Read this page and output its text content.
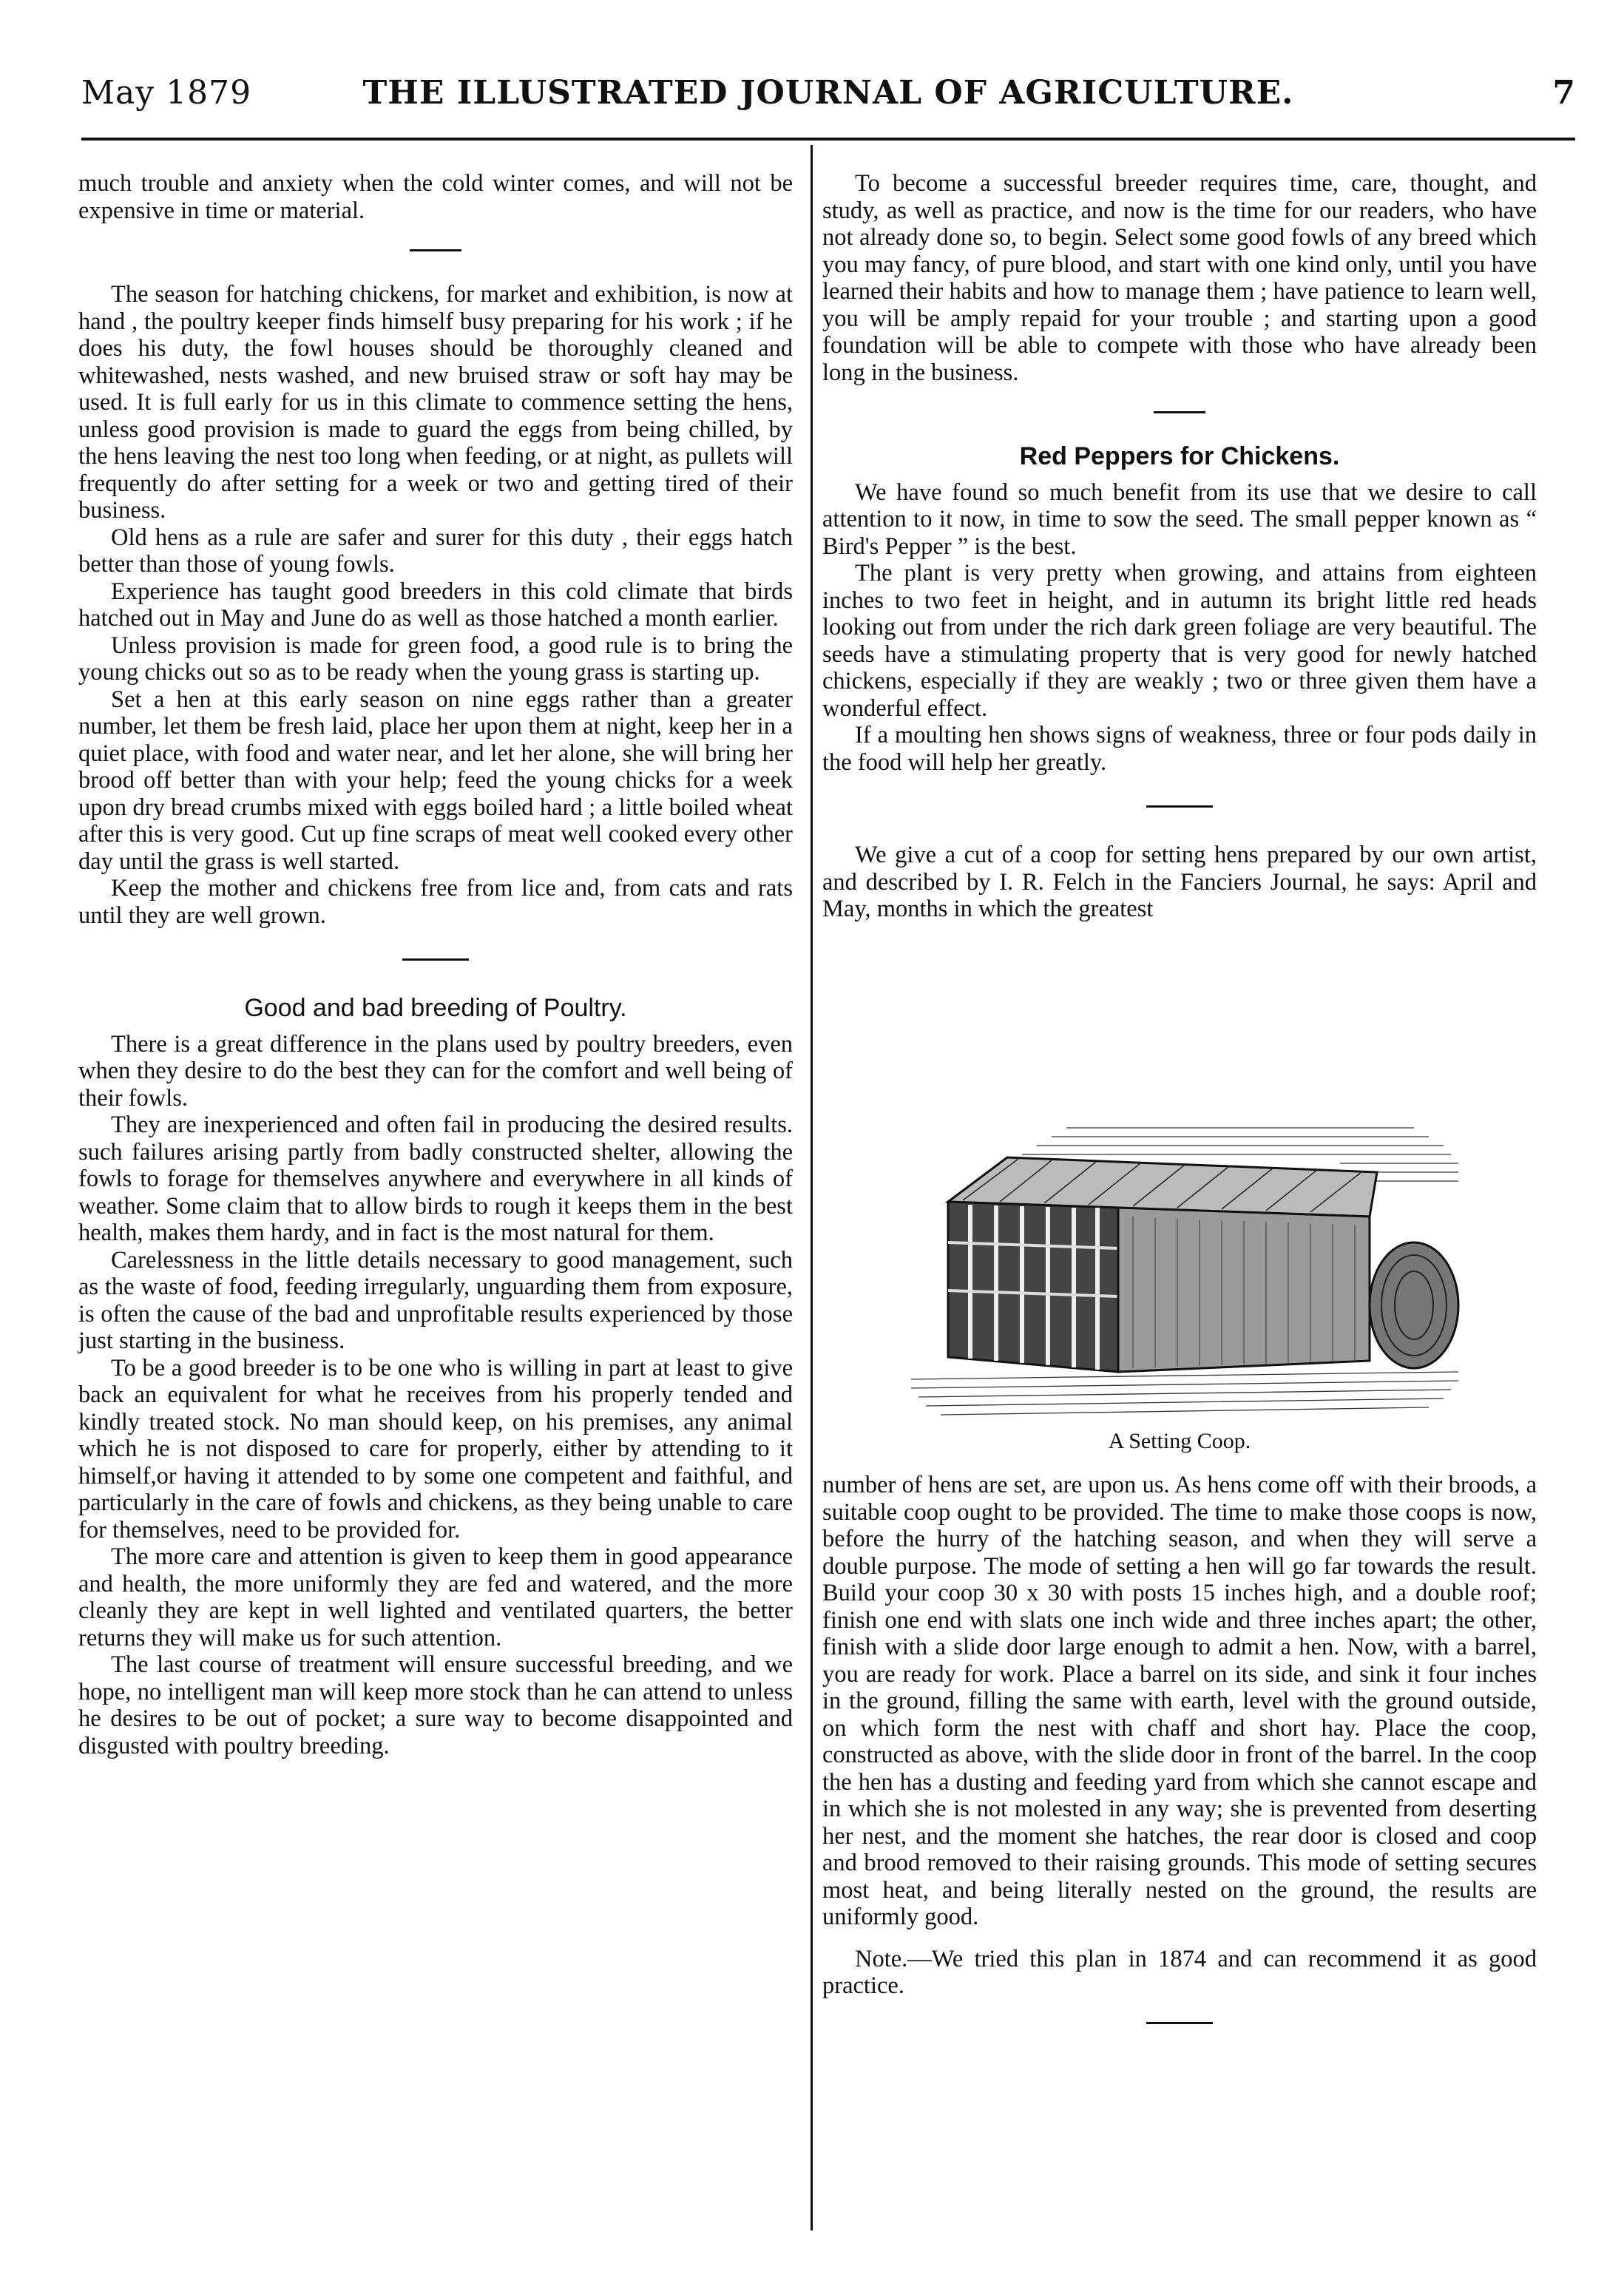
May 1879	THE ILLUSTRATED JOURNAL OF AGRICULTURE.	7

much trouble and anxiety when the cold winter comes, and will not be expensive in time or material.

The season for hatching chickens, for market and exhibition, is now at hand , the poultry keeper finds himself busy preparing for his work ; if he does his duty, the fowl houses should be thoroughly cleaned and whitewashed, nests washed, and new bruised straw or soft hay may be used. It is full early for us in this climate to commence setting the hens, unless good provision is made to guard the eggs from being chilled, by the hens leaving the nest too long when feeding, or at night, as pullets will frequently do after setting for a week or two and getting tired of their business.

Old hens as a rule are safer and surer for this duty , their eggs hatch better than those of young fowls.

Experience has taught good breeders in this cold climate that birds hatched out in May and June do as well as those hatched a month earlier.

Unless provision is made for green food, a good rule is to bring the young chicks out so as to be ready when the young grass is starting up.

Set a hen at this early season on nine eggs rather than a greater number, let them be fresh laid, place her upon them at night, keep her in a quiet place, with food and water near, and let her alone, she will bring her brood off better than with your help; feed the young chicks for a week upon dry bread crumbs mixed with eggs boiled hard ; a little boiled wheat after this is very good. Cut up fine scraps of meat well cooked every other day until the grass is well started.

Keep the mother and chickens free from lice and, from cats and rats until they are well grown.

Good and bad breeding of Poultry.

There is a great difference in the plans used by poultry breeders, even when they desire to do the best they can for the comfort and well being of their fowls.

They are inexperienced and often fail in producing the desired results. such failures arising partly from badly constructed shelter, allowing the fowls to forage for themselves anywhere and everywhere in all kinds of weather. Some claim that to allow birds to rough it keeps them in the best health, makes them hardy, and in fact is the most natural for them.

Carelessness in the little details necessary to good management, such as the waste of food, feeding irregularly, unguarding them from exposure, is often the cause of the bad and unprofitable results experienced by those just starting in the business.

To be a good breeder is to be one who is willing in part at least to give back an equivalent for what he receives from his properly tended and kindly treated stock. No man should keep, on his premises, any animal which he is not disposed to care for properly, either by attending to it himself,or having it attended to by some one competent and faithful, and particularly in the care of fowls and chickens, as they being unable to care for themselves, need to be provided for.

The more care and attention is given to keep them in good appearance and health, the more uniformly they are fed and watered, and the more cleanly they are kept in well lighted and ventilated quarters, the better returns they will make us for such attention.

The last course of treatment will ensure successful breeding, and we hope, no intelligent man will keep more stock than he can attend to unless he desires to be out of pocket; a sure way to become disappointed and disgusted with poultry breeding.

To become a successful breeder requires time, care, thought, and study, as well as practice, and now is the time for our readers, who have not already done so, to begin. Select some good fowls of any breed which you may fancy, of pure blood, and start with one kind only, until you have learned their habits and how to manage them ; have patience to learn well, you will be amply repaid for your trouble ; and starting upon a good foundation will be able to compete with those who have already been long in the business.

Red Peppers for Chickens.

We have found so much benefit from its use that we desire to call attention to it now, in time to sow the seed. The small pepper known as “ Bird's Pepper ” is the best.

The plant is very pretty when growing, and attains from eighteen inches to two feet in height, and in autumn its bright little red heads looking out from under the rich dark green foliage are very beautiful. The seeds have a stimulating property that is very good for newly hatched chickens, especially if they are weakly ; two or three given them have a wonderful effect.

If a moulting hen shows signs of weakness, three or four pods daily in the food will help her greatly.

We give a cut of a coop for setting hens prepared by our own artist, and described by I. R. Felch in the Fanciers Journal, he says: April and May, months in which the greatest

A Setting Coop.

number of hens are set, are upon us. As hens come off with their broods, a suitable coop ought to be provided. The time to make those coops is now, before the hurry of the hatching season, and when they will serve a double purpose. The mode of setting a hen will go far towards the result. Build your coop 30 x 30 with posts 15 inches high, and a double roof; finish one end with slats one inch wide and three inches apart; the other, finish with a slide door large enough to admit a hen. Now, with a barrel, you are ready for work. Place a barrel on its side, and sink it four inches in the ground, filling the same with earth, level with the ground outside, on which form the nest with chaff and short hay. Place the coop, constructed as above, with the slide door in front of the barrel. In the coop the hen has a dusting and feeding yard from which she cannot escape and in which she is not molested in any way; she is prevented from deserting her nest, and the moment she hatches, the rear door is closed and coop and brood removed to their raising grounds. This mode of setting secures most heat, and being literally nested on the ground, the results are uniformly good.

Note.—We tried this plan in 1874 and can recommend it as good practice.
